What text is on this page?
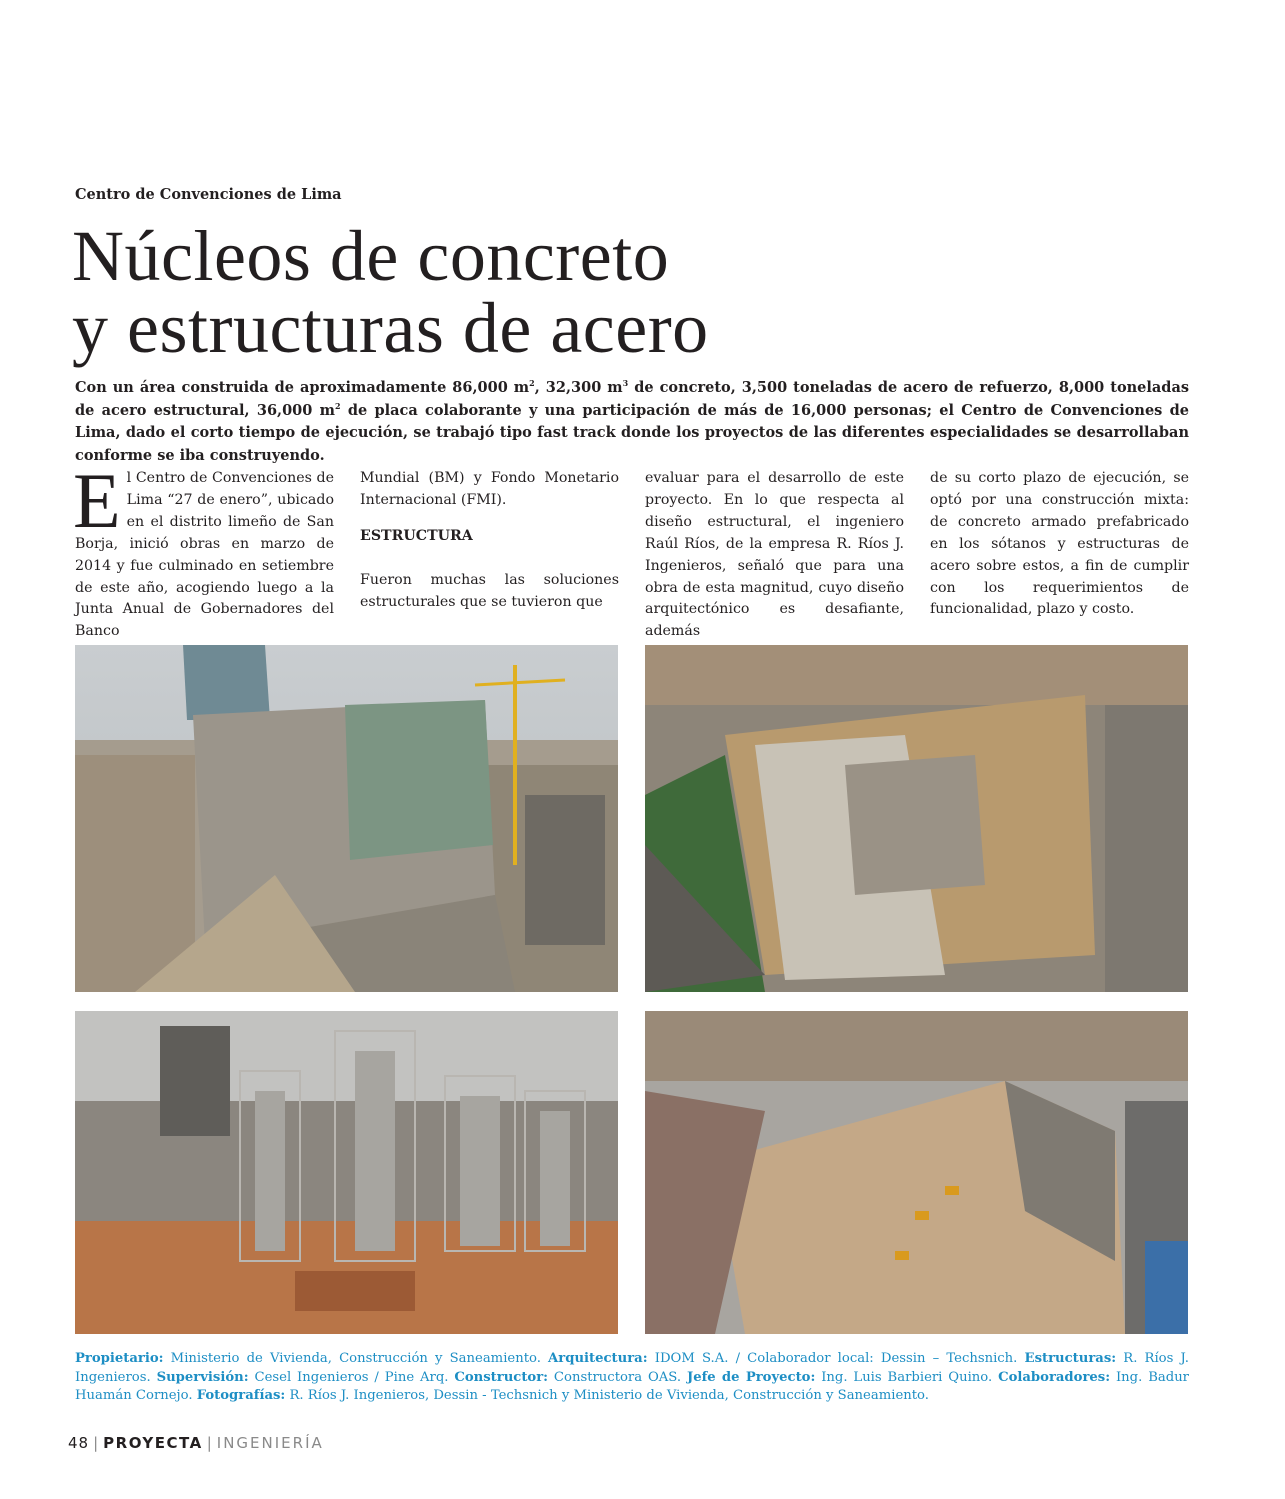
Centro de Convenciones de Lima
Núcleos de concreto
y estructuras de acero
Con un área construida de aproximadamente 86,000 $m^2$, 32,300 $m^3$ de concreto, 3,500 toneladas de acero de refuerzo, 8,000 toneladas de acero estructural, 36,000 $m^2$ de placa colaborante y una participación de más de 16,000 personas; el Centro de Convenciones de Lima, dado el corto tiempo de ejecución, se trabajó tipo fast track donde los proyectos de las diferentes especialidades se desarrollaban conforme se iba construyendo.

El Centro de Convenciones de Lima “27 de enero”, ubicado en el distrito limeño de San Borja, inició obras en marzo de 2014 y fue culminado en setiembre de este año, acogiendo luego a la Junta Anual de Gobernadores del Banco

Mundial (BM) y Fondo Monetario Internacional (FMI).

ESTRUCTURA

Fueron muchas las soluciones estructurales que se tuvieron que

evaluar para el desarrollo de este proyecto. En lo que respecta al diseño estructural, el ingeniero Raúl Ríos, de la empresa R. Ríos J. Ingenieros, señaló que para una obra de esta magnitud, cuyo diseño arquitectónico es desafiante, además

de su corto plazo de ejecución, se optó por una construcción mixta: de concreto armado prefabricado en los sótanos y estructuras de acero sobre estos, a fin de cumplir con los requerimientos de funcionalidad, plazo y costo.

Propietario: Ministerio de Vivienda, Construcción y Saneamiento. Arquitectura: IDOM S.A. / Colaborador local: Dessin – Techsnich. Estructuras: R. Ríos J. Ingenieros. Supervisión: Cesel Ingenieros / Pine Arq. Constructor: Constructora OAS. Jefe de Proyecto: Ing. Luis Barbieri Quino. Colaboradores: Ing. Badur Huamán Cornejo. Fotografías: R. Ríos J. Ingenieros, Dessin - Techsnich y Ministerio de Vivienda, Construcción y Saneamiento.
48 | PROYECTA | INGENIERÍA
